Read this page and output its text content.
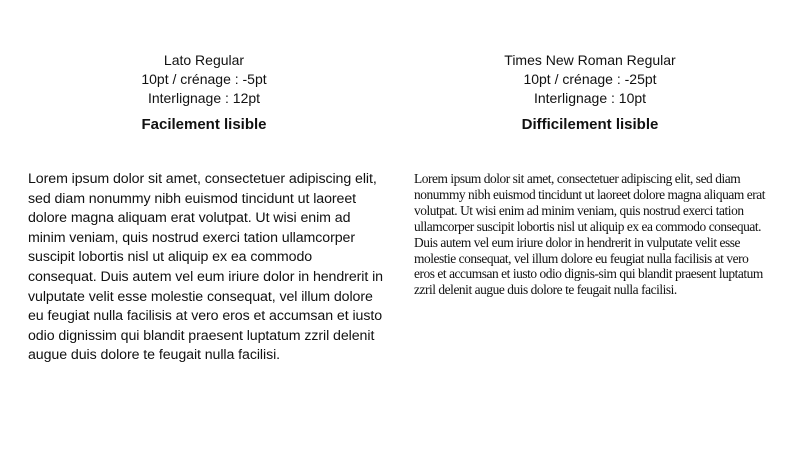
Lato Regular
10pt / crénage : -5pt
Interlignage : 12pt
Facilement lisible
Lorem ipsum dolor sit amet, consectetuer adipiscing elit, sed diam nonummy nibh euismod tincidunt ut laoreet dolore magna aliquam erat volutpat. Ut wisi enim ad minim veniam, quis nostrud exerci tation ullamcorper suscipit lobortis nisl ut aliquip ex ea commodo consequat. Duis autem vel eum iriure dolor in hendrerit in vulputate velit esse molestie consequat, vel illum dolore eu feugiat nulla facilisis at vero eros et accumsan et iusto odio dignissim qui blandit praesent luptatum zzril delenit augue duis dolore te feugait nulla facilisi.
Times New Roman Regular
10pt / crénage : -25pt
Interlignage : 10pt
Difficilement lisible
Lorem ipsum dolor sit amet, consectetuer adipiscing elit, sed diam nonummy nibh euismod tincidunt ut laoreet dolore magna aliquam erat volutpat. Ut wisi enim ad minim veniam, quis nostrud exerci tation ullamcorper suscipit lobortis nisl ut aliquip ex ea commodo consequat. Duis autem vel eum iriure dolor in hendrerit in vulputate velit esse molestie consequat, vel illum dolore eu feugiat nulla facilisis at vero eros et accumsan et iusto odio dignis-sim qui blandit praesent luptatum zzril delenit augue duis dolore te feugait nulla facilisi.
